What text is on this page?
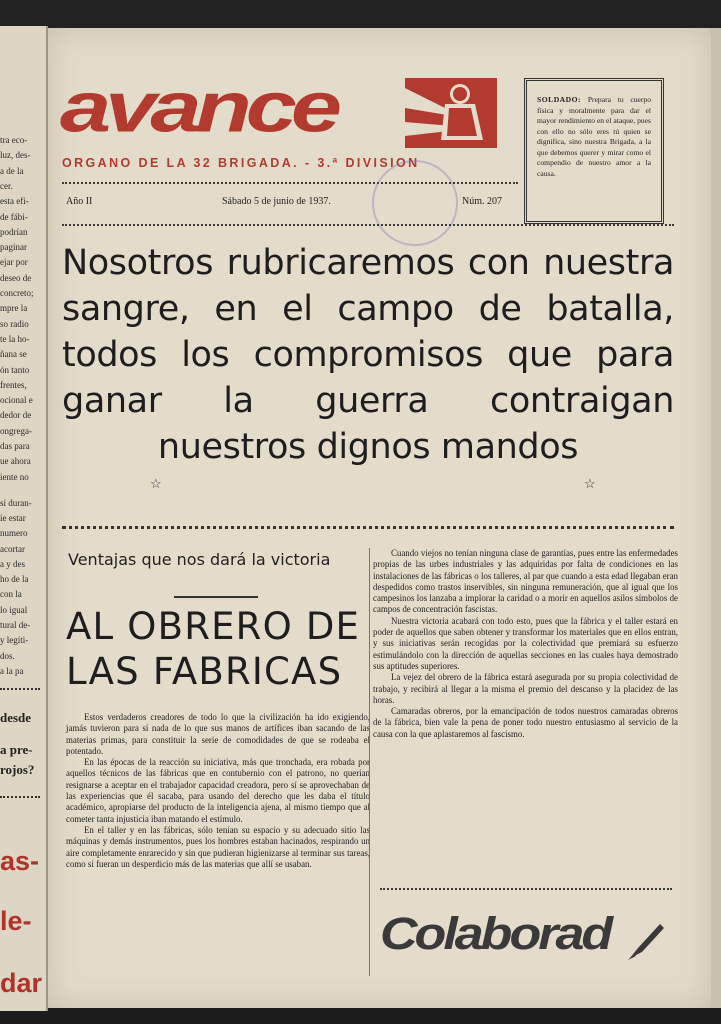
tra eco-
luz, des-
a de la
cer.
esta efi-
de fábi-
podrían
paginar
ejar por
deseo de
concreto;
mpre la
so radio
te la ho-
ñana se
ón tanto
frentes,
ocional e
dedor de
ongrega-
das para
ue ahora
iente no
sí duran-
ie estar
numero
acortar
a y des
ho de la
con la
lo igual
tural de-
y legíti-
dos.
a la pa
desde
a pre-
rojos?
as-
le-
dar
avance
ORGANO DE LA 32 BRIGADA. - 3.ª DIVISION
Año II	Sábado 5 de junio de 1937.	Núm. 207
SOLDADO: Prepara tu cuerpo física y moralmente para dar el mayor rendimiento en el ataque, pues con ello no sólo eres tú quien se dignifica, sino nuestra Brigada, a la que debemos querer y mirar como el compendio de nuestro amor a la causa.
Nosotros rubricaremos con nuestra sangre, en el campo de batalla, todos los compromisos que para ganar la guerra contraigan nuestros dignos mandos
☆	☆
Ventajas que nos dará la victoria
AL OBRERO DE
LAS FABRICAS

Estos verdaderos creadores de todo lo que la civilización ha ido exigiendo, jamás tuvieron para sí nada de lo que sus manos de artífices iban sacando de las materias primas, para constituir la serie de comodidades de que se rodeaba el potentado.

En las épocas de la reacción su iniciativa, más que tronchada, era robada por aquellos técnicos de las fábricas que en contubernio con el patrono, no querían resignarse a aceptar en el trabajador capacidad creadora, pero sí se aprovechaban de las experiencias que él sacaba, para usando del derecho que les daba el título académico, apropiarse del producto de la inteligencia ajena, al mismo tiempo que al cometer tanta injusticia iban matando el estímulo.

En el taller y en las fábricas, sólo tenían su espacio y su adecuado sitio las máquinas y demás instrumentos, pues los hombres estaban hacinados, respirando un aire completamente enrarecido y sin que pudieran higienizarse al terminar sus tareas, como si fueran un desperdicio más de las materias que allí se usaban.

Cuando viejos no tenían ninguna clase de garantías, pues entre las enfermedades propias de las urbes industriales y las adquiridas por falta de condiciones en las instalaciones de las fábricas o los talleres, al par que cuando a esta edad llegaban eran despedidos como trastos inservibles, sin ninguna remuneración, que al igual que los campesinos los lanzaba a implorar la caridad o a morir en aquellos asilos símbolos de campos de concentración fascistas.

Nuestra victoria acabará con todo esto, pues que la fábrica y el taller estará en poder de aquellos que saben obtener y transformar los materiales que en ellos entran, y sus iniciativas serán recogidas por la colectividad que premiará su esfuerzo estimulándolo con la dirección de aquellas secciones en las cuales haya demostrado sus aptitudes superiores.

La vejez del obrero de la fábrica estará asegurada por su propia colectividad de trabajo, y recibirá al llegar a la misma el premio del descanso y la placidez de las horas.

Camaradas obreros, por la emancipación de todos nuestros camaradas obreros de la fábrica, bien vale la pena de poner todo nuestro entusiasmo al servicio de la causa con la que aplastaremos al fascismo.

Colaborad
